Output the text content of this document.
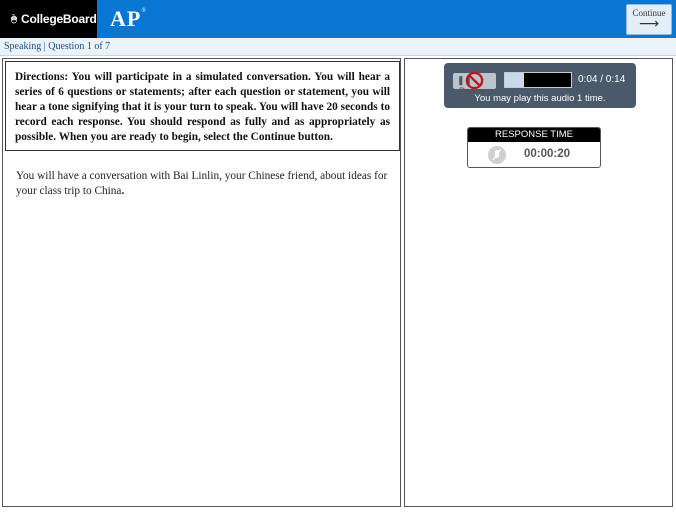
🌰︎ CollegeBoard AP®	Continue
⟶
Speaking | Question 1 of 7
Directions: You will participate in a simulated conversation. You will hear a series of 6 questions or statements; after each question or statement, you will hear a tone signifying that it is your turn to speak. You will have 20 seconds to record each response. You should respond as fully and as appropriately as possible. When you are ready to begin, select the Continue button.
You will have a conversation with Bai Linlin, your Chinese friend, about ideas for your class trip to China.
❚❚ Pause
0:04 / 0:14
You may play this audio 1 time.
RESPONSE TIME
00:00:20
